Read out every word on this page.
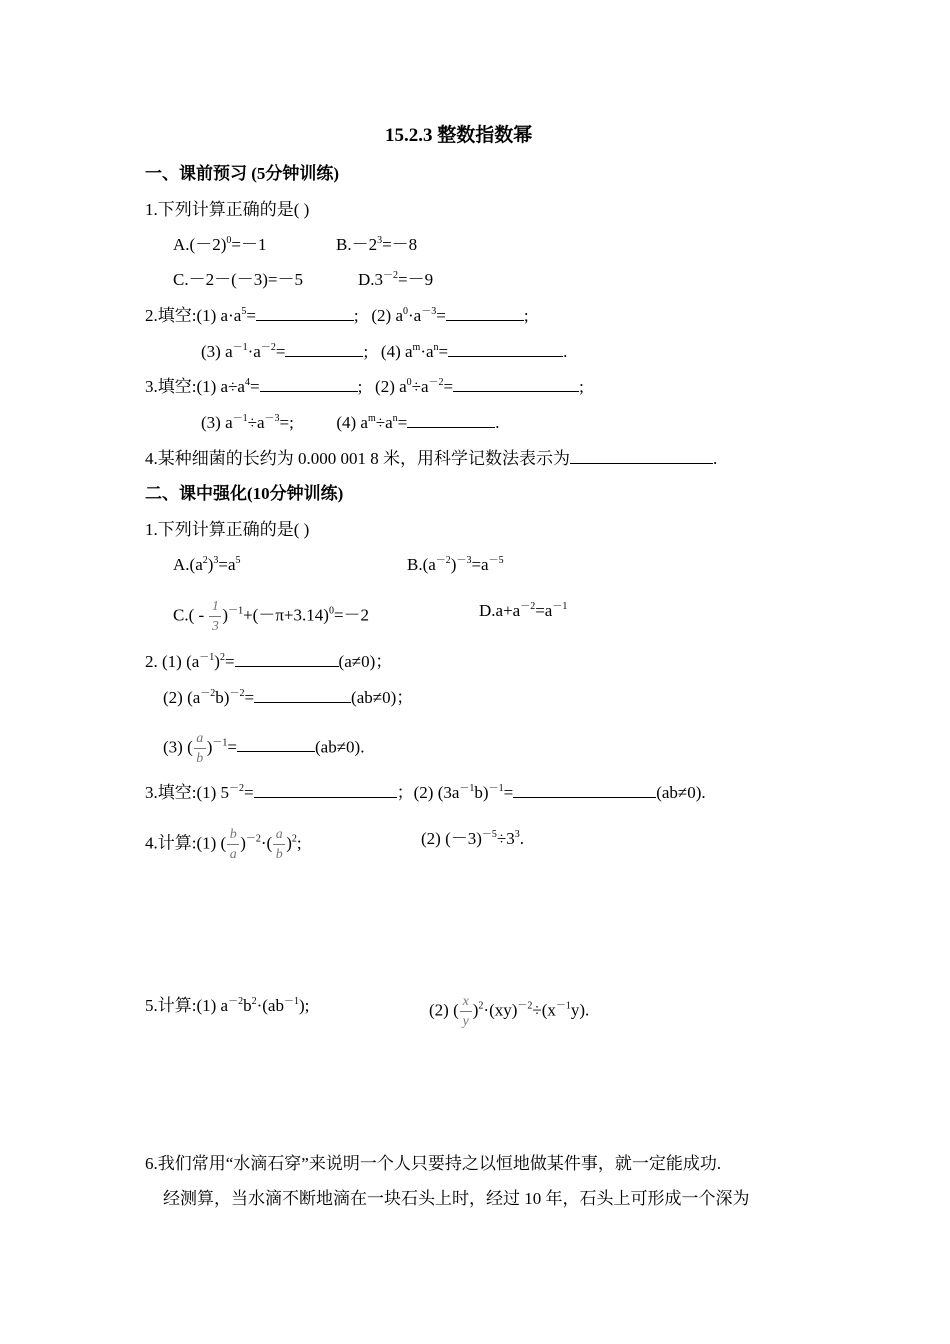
15.2.3 整数指数幂
一、课前预习 (5分钟训练)
1.下列计算正确的是( )
$A.(-2)^0=-1$	$B.-2^3=-8$
C.－2－(－3)=－5	$D.3^{-2}=-9$
2.填空:(1) $a\cdot a^5=$	;   (2) $a^0\cdot a^{-3}=$	;
(3) $a^{-1}\cdot a^{-2}=$	;   (4) $a^m\cdot a^n=$	.
3.填空:(1) $a\div a^4=$	;   (2) $a^0\div a^{-2}=$	;
(3) $a^{-1}\div a^{-3}=$;          (4) $a^m\div a^n=$	.
4.某种细菌的长约为 0.000 001 8 米，用科学记数法表示为	.
二、课中强化(10分钟训练)
1.下列计算正确的是( )
$A.(a^2)^3=a^5$	$B.(a^{-2})^{-3}=a^{-5}$
$C.( - \frac{1}{3} )^{-1}+(-\pi+3.14)^0=-2$	$D.a+a^{-2}=a^{-1}$
2. (1) $(a^{-1})^2=$	(a≠0)；
(2) $(a^{-2}b)^{-2}=$	(ab≠0)；
(3) ( $\frac{a}{b} )^{-1}=$	(ab≠0).
3.填空:(1) $5^{-2}=$	；(2) $(3a^{-1}b)^{-1}=$	(ab≠0).
4.计算:(1) ( $\frac{b}{a} )^{-2}\cdot( \frac{a}{b} )^2$;	(2) $(-3)^{-5}\div 3^3$.
5.计算:(1) $a^{-2}b^2\cdot(ab^{-1})$;	(2) ( $\frac{x}{y} )^2\cdot(xy)^{-2}\div(x^{-1}y)$.
6.我们常用“水滴石穿”来说明一个人只要持之以恒地做某件事，就一定能成功.
经测算，当水滴不断地滴在一块石头上时，经过 10 年，石头上可形成一个深为
